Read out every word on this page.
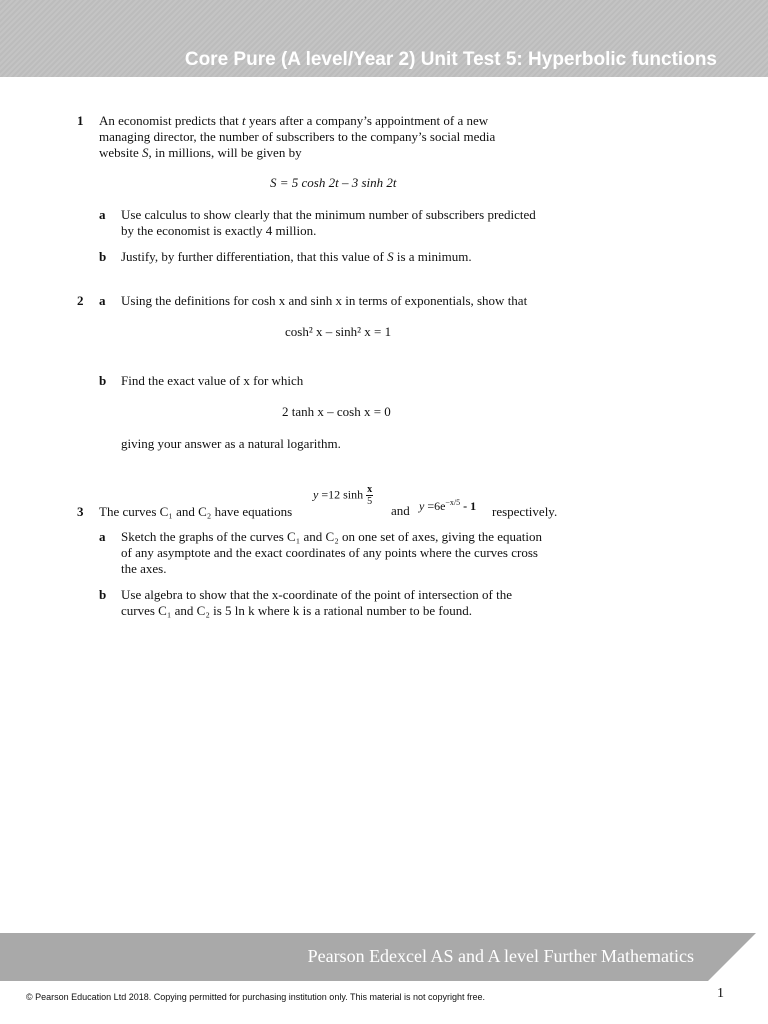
Core Pure (A level/Year 2) Unit Test 5: Hyperbolic functions
1 An economist predicts that t years after a company’s appointment of a new
managing director, the number of subscribers to the company’s social media
website S, in millions, will be given by
S = 5 cosh 2t – 3 sinh 2t
a Use calculus to show clearly that the minimum number of subscribers predicted
by the economist is exactly 4 million.
b Justify, by further differentiation, that this value of S is a minimum.
2 a Using the definitions for cosh x and sinh x in terms of exponentials, show that
cosh² x – sinh² x = 1
b Find the exact value of x for which
2 tanh x – cosh x = 0
giving your answer as a natural logarithm.
3 The curves C₁ and C₂ have equations
y =12 $\sinh \frac{x}{5}$
and $y =6e^{-x/5} - 1$ respectively.
a Sketch the graphs of the curves C₁ and C₂ on one set of axes, giving the equation
of any asymptote and the exact coordinates of any points where the curves cross
the axes.
b Use algebra to show that the x-coordinate of the point of intersection of the
curves C₁ and C₂ is 5 ln k where k is a rational number to be found.
Pearson Edexcel AS and A level Further Mathematics
© Pearson Education Ltd 2018. Copying permitted for purchasing institution only. This material is not copyright free.	1
